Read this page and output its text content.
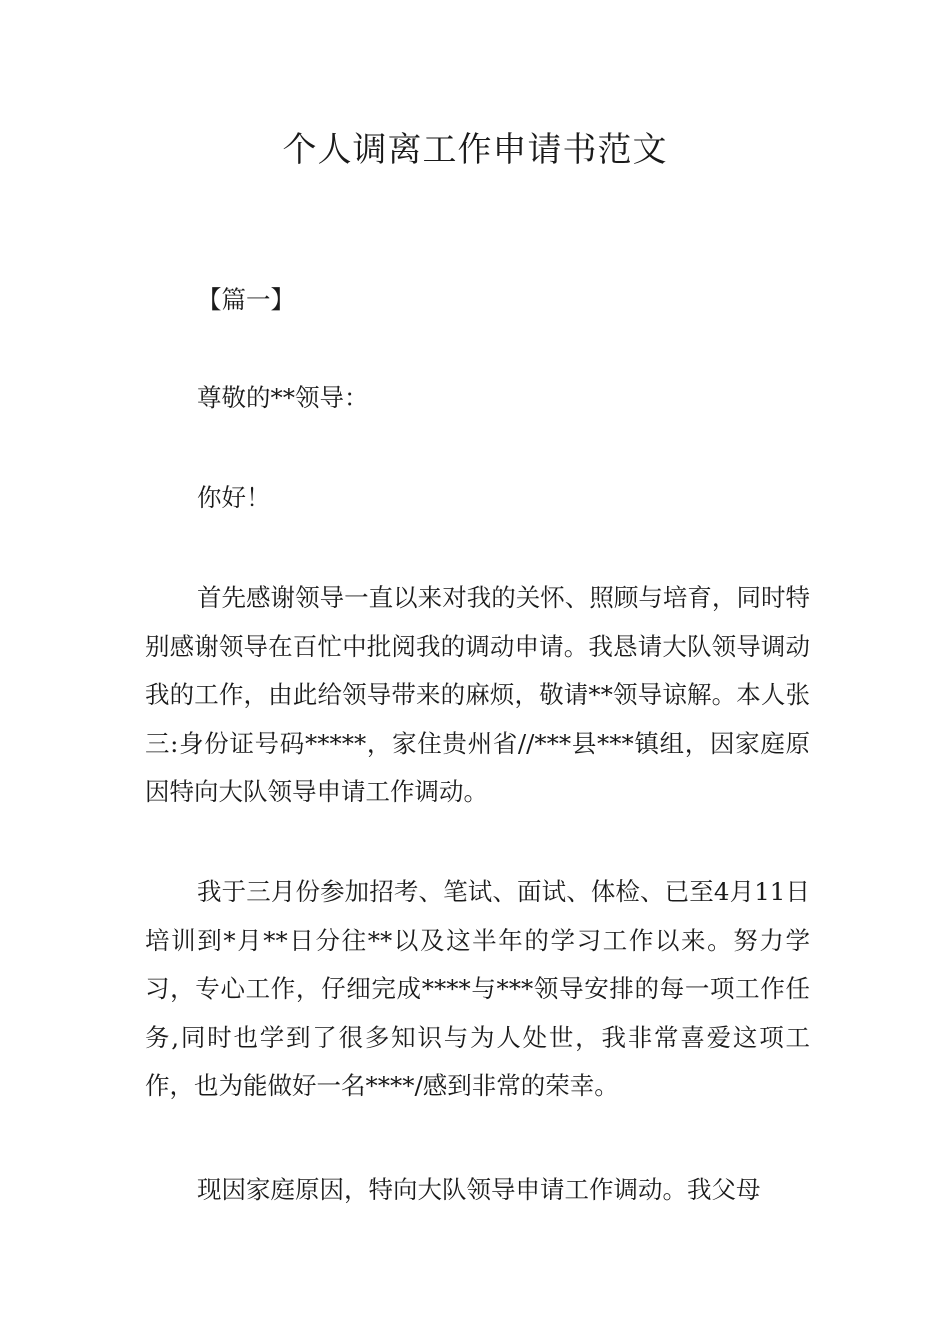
个人调离工作申请书范文
【篇一】
尊敬的**领导：
你好！
首先感谢领导一直以来对我的关怀、照顾与培育，同时特别感谢领导在百忙中批阅我的调动申请。我恳请大队领导调动我的工作，由此给领导带来的麻烦，敬请**领导谅解。本人张三:身份证号码*****，家住贵州省//***县***镇组，因家庭原因特向大队领导申请工作调动。
我于三月份参加招考、笔试、面试、体检、已至4月11日培训到*月**日分往**以及这半年的学习工作以来。努力学习，专心工作，仔细完成****与***领导安排的每一项工作任务,同时也学到了很多知识与为人处世，我非常喜爱这项工作，也为能做好一名****/感到非常的荣幸。
现因家庭原因，特向大队领导申请工作调动。我父母
